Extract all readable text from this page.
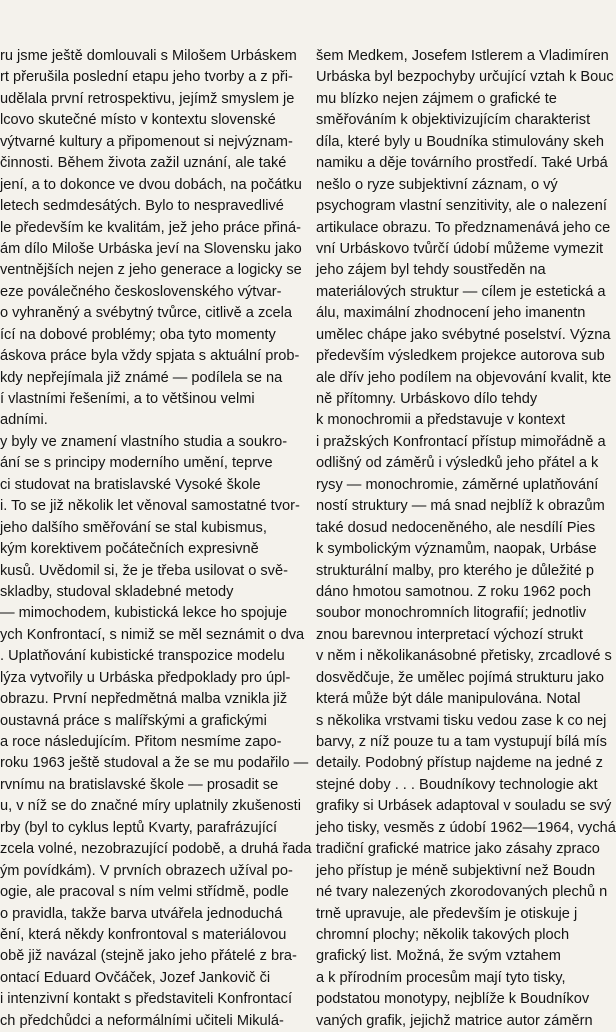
ru jsme ještě domlouvali s Milošem Urbáskem
rt přerušila poslední etapu jeho tvorby a z při-
udělala první retrospektivu, jejímž smyslem je
lcovo skutečné místo v kontextu slovenské
výtvarné kultury a připomenout si nejvýznam-
činnosti. Během života zažil uznání, ale také
jení, a to dokonce ve dvou dobách, na počátku
letech sedmdesátých. Bylo to nespravedlivé
le především ke kvalitám, jež jeho práce přiná-
ám dílo Miloše Urbáska jeví na Slovensku jako
ventnějších nejen z jeho generace a logicky se
eze poválečného československého výtvar-
o vyhraněný a svébytný tvůrce, citlivě a zcela
ící na dobové problémy; oba tyto momenty
áskova práce byla vždy spjata s aktuální prob-
kdy nepřejímala již známé — podílela se na
í vlastními řešeními, a to většinou velmi
adními.
y byly ve znamení vlastního studia a soukro-
ání se s principy moderního umění, teprve
ci studovat na bratislavské Vysoké škole
i. To se již několik let věnoval samostatné tvor-
jeho dalšího směřování se stal kubismus,
kým korektivem počátečních expresivně
kusů. Uvědomil si, že je třeba usilovat o svě-
skladby, studoval skladebné metody
— mimochodem, kubistická lekce ho spojuje
ych Konfrontací, s nimiž se měl seznámit o dva
. Uplatňování kubistické transpozice modelu
lýza vytvořily u Urbáska předpoklady pro úpl-
obrazu. První nepředmětná malba vznikla již
oustavná práce s malířskými a grafickými
a roce následujícím. Přitom nesmíme zapo-
roku 1963 ještě studoval a že se mu podařilo —
rvnímu na bratislavské škole — prosadit se
u, v níž se do značné míry uplatnily zkušenosti
rby (byl to cyklus leptů Kvarty, parafrázující
zcela volné, nezobrazující podobě, a druhá řada
ým povídkám). V prvních obrazech užíval po-
ogie, ale pracoval s ním velmi střídmě, podle
o pravidla, takže barva utvářela jednoduchá
ění, která někdy konfrontoval s materiálovou
obě již navázal (stejně jako jeho přátelé z bra-
ontací Eduard Ovčáček, Jozef Jankovič či
i intenzivní kontakt s představiteli Konfrontací
ch předchůdci a neformálními učiteli Mikulá-
šem Medkem, Josefem Istlerem a Vladimíren
Urbáska byl bezpochyby určující vztah k Bouc
mu blízko nejen zájmem o grafické te
směřováním k objektivizujícím charakterist
díla, které byly u Boudníka stimulovány skeh
namiku a děje továrního prostředí. Také Urbá
nešlo o ryze subjektivní záznam, o vý
psychogram vlastní senzitivity, ale o nalezení
artikulace obrazu. To předznamenává jeho ce
vní Urbáskovo tvůrčí údobí můžeme vymezit
jeho zájem byl tehdy soustředěn na
materiálových struktur — cílem je estetická a
álu, maximální zhodnocení jeho imanentn
umělec chápe jako svébytné poselství. Význa
především výsledkem projekce autorova sub
ale dřív jeho podílem na objevování kvalit, kte
ně přítomny. Urbáskovo dílo tehdy
k monochromii a představuje v kontext
i pražských Konfrontací přístup mimořádně a
odlišný od záměrů i výsledků jeho přátel a k
rysy — monochromie, záměrné uplatňování
ností struktury — má snad nejblíž k obrazům
také dosud nedoceněného, ale nesdílí Pies
k symbolickým významům, naopak, Urbáse
strukturální malby, pro kterého je důležité p
dáno hmotou samotnou. Z roku 1962 poch
soubor monochromních litografií; jednotliv
znou barevnou interpretací výchozí strukt
v něm i několikanásobné přetisky, zrcadlové s
dosvědčuje, že umělec pojímá strukturu jako
která může být dále manipulována. Notal
s několika vrstvami tisku vedou zase k co nej
barvy, z níž pouze tu a tam vystupují bílá mís
detaily. Podobný přístup najdeme na jedné z
stejné doby . . . Boudníkovy technologie akt
grafiky si Urbásek adaptoval v souladu se svý
jeho tisky, vesměs z údobí 1962—1964, vychá
tradiční grafické matrice jako zásahy zpraco
jeho přístup je méně subjektivní než Boudn
né tvary nalezených zkorodovaných plechů n
trně upravuje, ale především je otiskuje j
chromní plochy; několik takových ploch
grafický list. Možná, že svým vztahem
a k přírodním procesům mají tyto tisky,
podstatou monotypy, nejblíže k Boudníkov
vaných grafik, jejichž matrice autor záměrn
